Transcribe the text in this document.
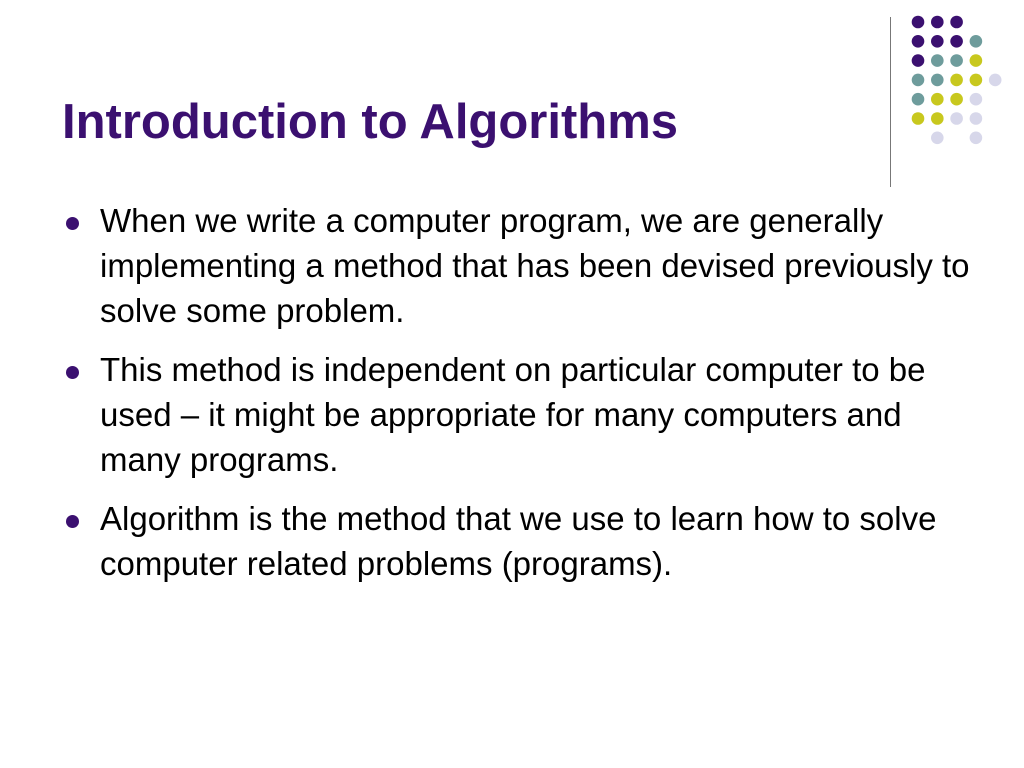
Introduction to Algorithms
When we write a computer program, we are generally implementing a method that has been devised previously to solve some problem.
This method is independent on particular computer to be used – it might be appropriate for many computers and many programs.
Algorithm is the method that we use to learn how to solve computer related problems (programs).
